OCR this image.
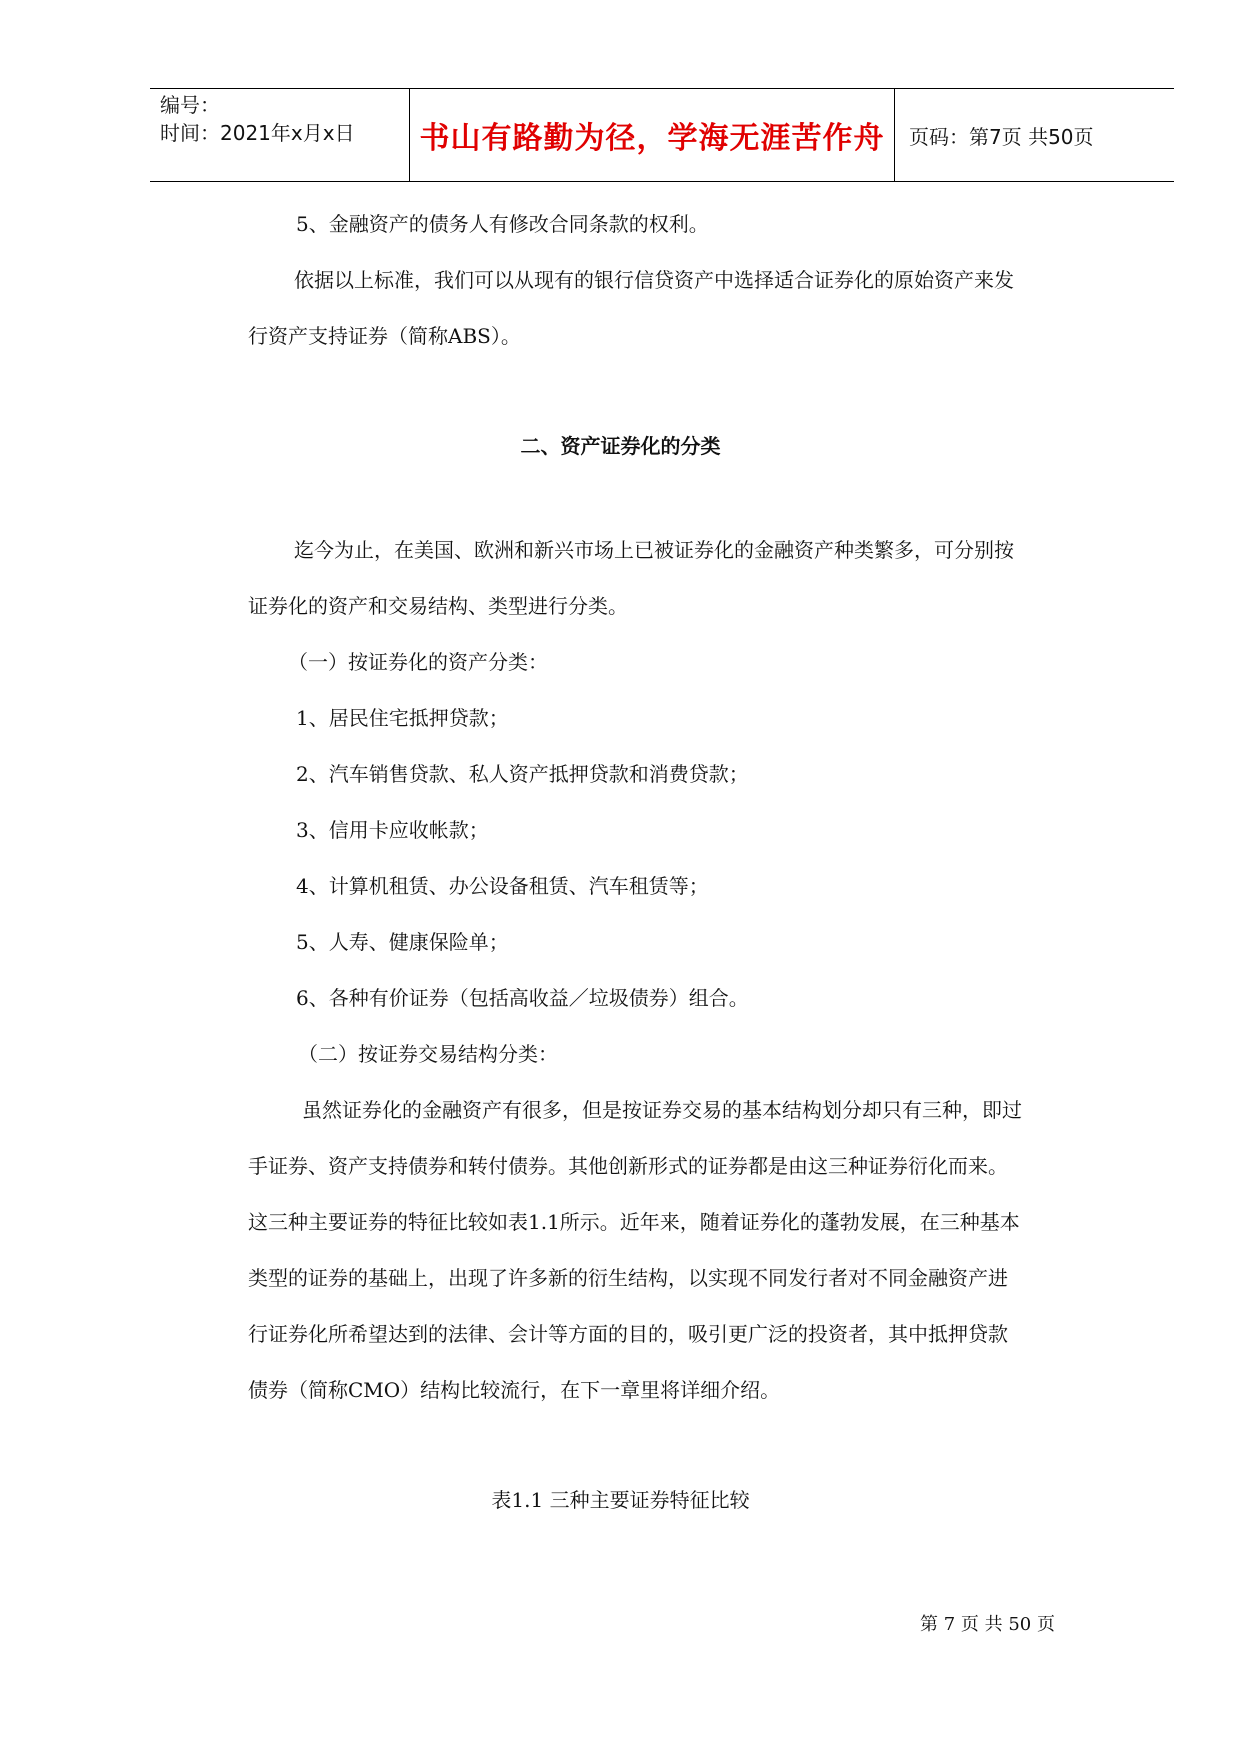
编号：
时间：2021年x月x日	书山有路勤为径，学海无涯苦作舟	页码：第7页 共50页
5、金融资产的债务人有修改合同条款的权利。
依据以上标准，我们可以从现有的银行信贷资产中选择适合证券化的原始资产来发
行资产支持证券（简称ABS）。
二、资产证券化的分类
迄今为止，在美国、欧洲和新兴市场上已被证券化的金融资产种类繁多，可分别按
证券化的资产和交易结构、类型进行分类。
（一）按证券化的资产分类：
1、居民住宅抵押贷款；
2、汽车销售贷款、私人资产抵押贷款和消费贷款；
3、信用卡应收帐款；
4、计算机租赁、办公设备租赁、汽车租赁等；
5、人寿、健康保险单；
6、各种有价证券（包括高收益／垃圾债券）组合。
（二）按证券交易结构分类：
虽然证券化的金融资产有很多，但是按证券交易的基本结构划分却只有三种，即过
手证券、资产支持债券和转付债券。其他创新形式的证券都是由这三种证券衍化而来。
这三种主要证券的特征比较如表1.1所示。近年来，随着证券化的蓬勃发展，在三种基本
类型的证券的基础上，出现了许多新的衍生结构，以实现不同发行者对不同金融资产进
行证券化所希望达到的法律、会计等方面的目的，吸引更广泛的投资者，其中抵押贷款
债券（简称CMO）结构比较流行，在下一章里将详细介绍。
表1.1 三种主要证券特征比较
第 7 页 共 50 页
